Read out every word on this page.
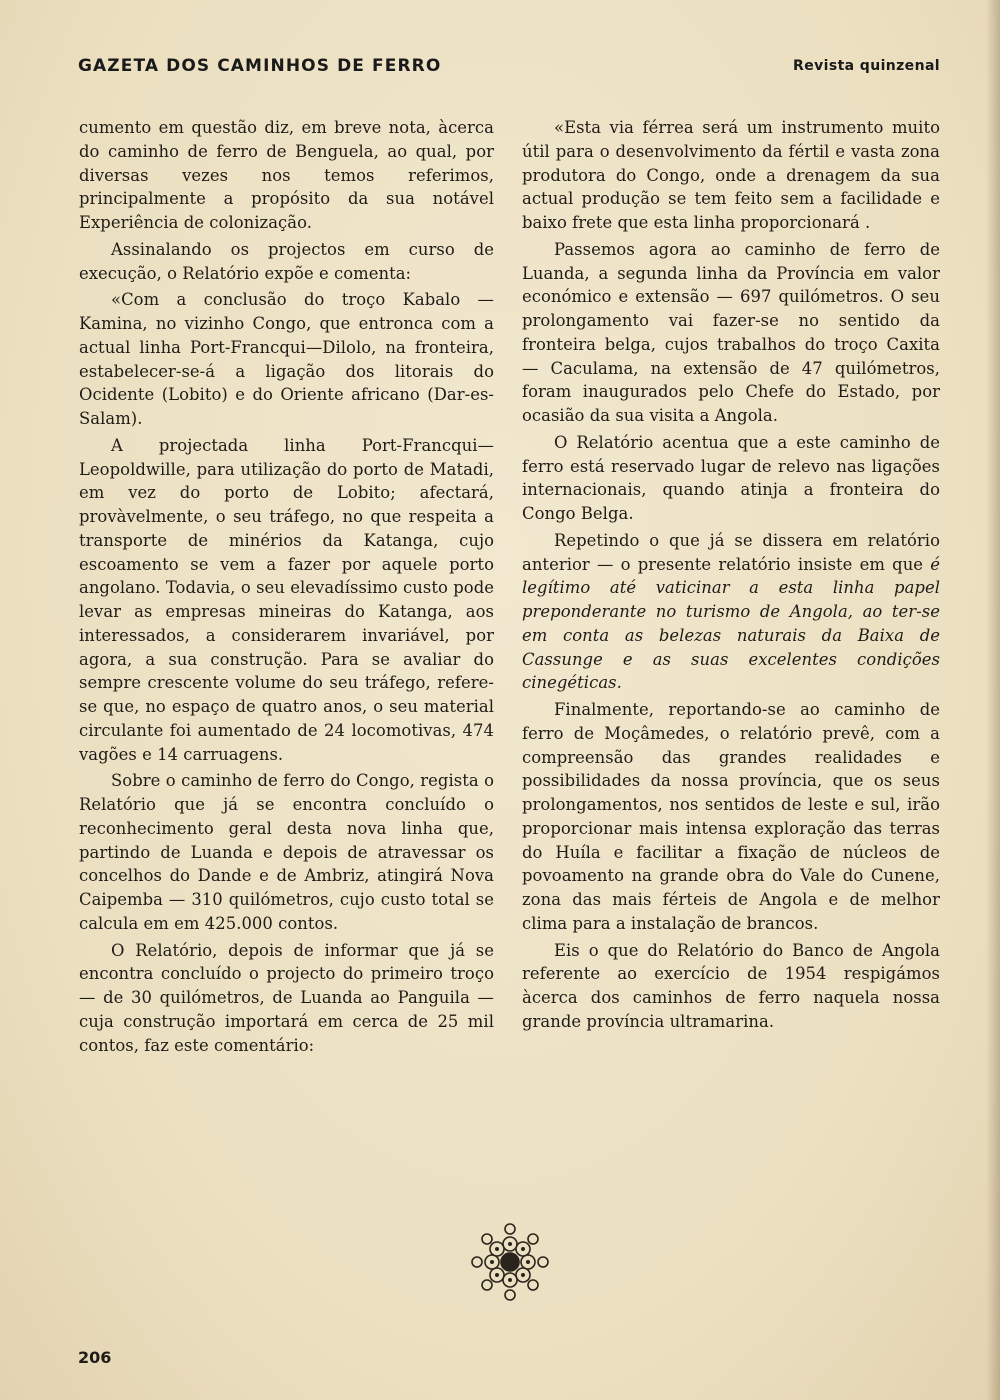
GAZETA DOS CAMINHOS DE FERRO	Revista quinzenal

cumento em questão diz, em breve nota, àcerca do caminho de ferro de Benguela, ao qual, por diversas vezes nos temos referimos, principalmente a propósito da sua notável Experiência de colonização.

Assinalando os projectos em curso de execução, o Relatório expõe e comenta:

«Com a conclusão do troço Kabalo — Kamina, no vizinho Congo, que entronca com a actual linha Port-Francqui—Dilolo, na fronteira, estabelecer-se-á a ligação dos litorais do Ocidente (Lobito) e do Oriente africano (Dar-es-Salam).

A projectada linha Port-Francqui—Leopoldwille, para utilização do porto de Matadi, em vez do porto de Lobito; afectará, provàvelmente, o seu tráfego, no que respeita a transporte de minérios da Katanga, cujo escoamento se vem a fazer por aquele porto angolano. Todavia, o seu elevadíssimo custo pode levar as empresas mineiras do Katanga, aos interessados, a considerarem invariável, por agora, a sua construção. Para se avaliar do sempre crescente volume do seu tráfego, refere-se que, no espaço de quatro anos, o seu material circulante foi aumentado de 24 locomotivas, 474 vagões e 14 carruagens.

Sobre o caminho de ferro do Congo, regista o Relatório que já se encontra concluído o reconhecimento geral desta nova linha que, partindo de Luanda e depois de atravessar os concelhos do Dande e de Ambriz, atingirá Nova Caipemba — 310 quilómetros, cujo custo total se calcula em em 425.000 contos.

O Relatório, depois de informar que já se encontra concluído o projecto do primeiro troço — de 30 quilómetros, de Luanda ao Panguila — cuja construção importará em cerca de 25 mil contos, faz este comentário:

«Esta via férrea será um instrumento muito útil para o desenvolvimento da fértil e vasta zona produtora do Congo, onde a drenagem da sua actual produção se tem feito sem a facilidade e baixo frete que esta linha proporcionará .

Passemos agora ao caminho de ferro de Luanda, a segunda linha da Província em valor económico e extensão — 697 quilómetros. O seu prolongamento vai fazer-se no sentido da fronteira belga, cujos trabalhos do troço Caxita — Caculama, na extensão de 47 quilómetros, foram inaugurados pelo Chefe do Estado, por ocasião da sua visita a Angola.

O Relatório acentua que a este caminho de ferro está reservado lugar de relevo nas ligações internacionais, quando atinja a fronteira do Congo Belga.

Repetindo o que já se dissera em relatório anterior — o presente relatório insiste em que é legítimo até vaticinar a esta linha papel preponderante no turismo de Angola, ao ter-se em conta as belezas naturais da Baixa de Cassunge e as suas excelentes condições cinegéticas.

Finalmente, reportando-se ao caminho de ferro de Moçâmedes, o relatório prevê, com a compreensão das grandes realidades e possibilidades da nossa província, que os seus prolongamentos, nos sentidos de leste e sul, irão proporcionar mais intensa exploração das terras do Huíla e facilitar a fixação de núcleos de povoamento na grande obra do Vale do Cunene, zona das mais férteis de Angola e de melhor clima para a instalação de brancos.

Eis o que do Relatório do Banco de Angola referente ao exercício de 1954 respigámos àcerca dos caminhos de ferro naquela nossa grande província ultramarina.

206
